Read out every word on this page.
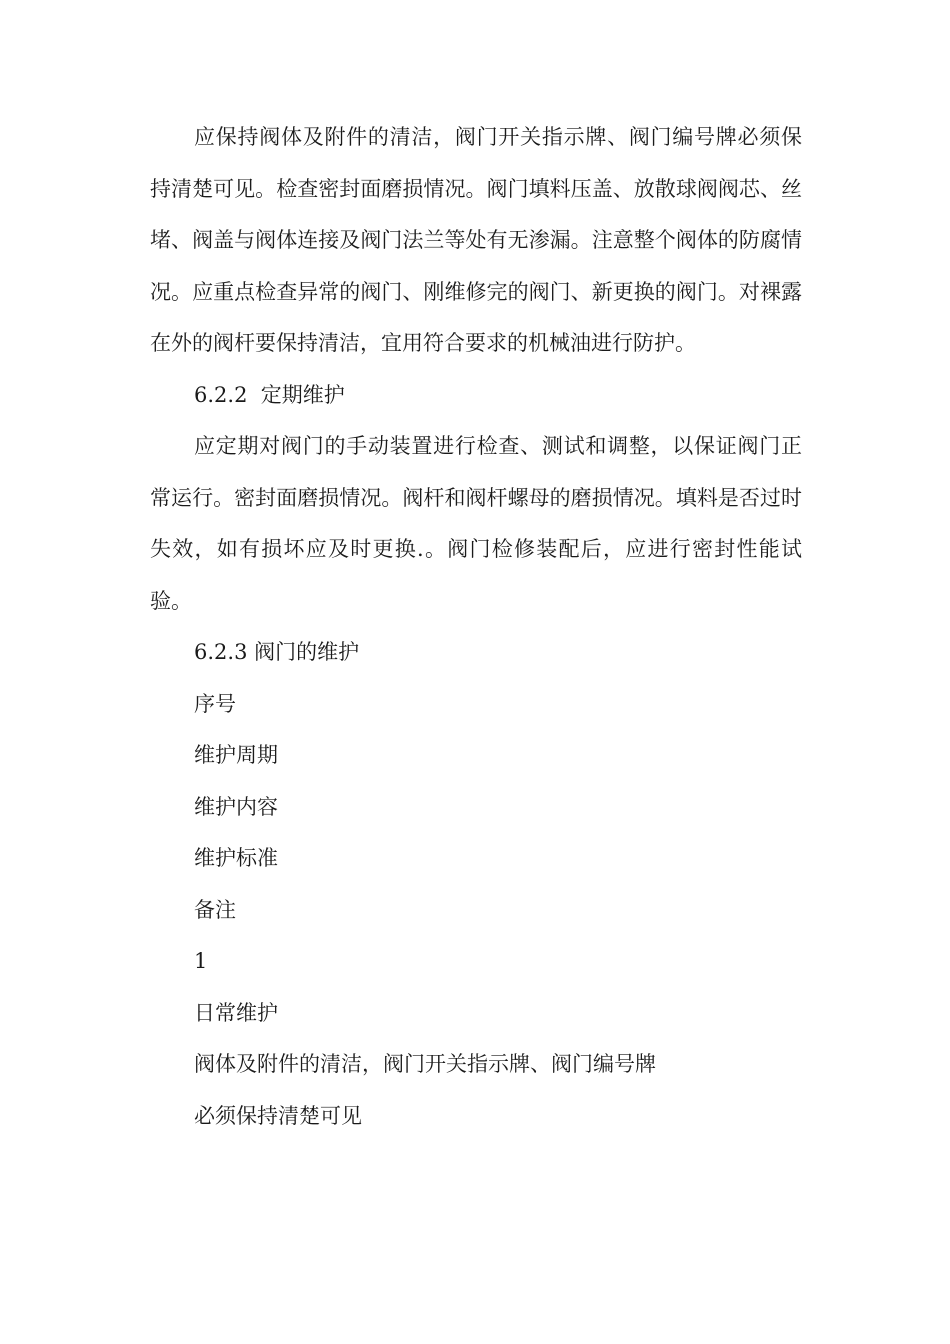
应保持阀体及附件的清洁，阀门开关指示牌、阀门编号牌必须保持清楚可见。检查密封面磨损情况。阀门填料压盖、放散球阀阀芯、丝堵、阀盖与阀体连接及阀门法兰等处有无渗漏。注意整个阀体的防腐情况。应重点检查异常的阀门、刚维修完的阀门、新更换的阀门。对裸露在外的阀杆要保持清洁，宜用符合要求的机械油进行防护。

6.2.2  定期维护

应定期对阀门的手动装置进行检查、测试和调整，以保证阀门正常运行。密封面磨损情况。阀杆和阀杆螺母的磨损情况。填料是否过时失效，如有损坏应及时更换.。阀门检修装配后，应进行密封性能试验。

6.2.3 阀门的维护

序号

维护周期

维护内容

维护标准

备注

1

日常维护

阀体及附件的清洁，阀门开关指示牌、阀门编号牌

必须保持清楚可见
